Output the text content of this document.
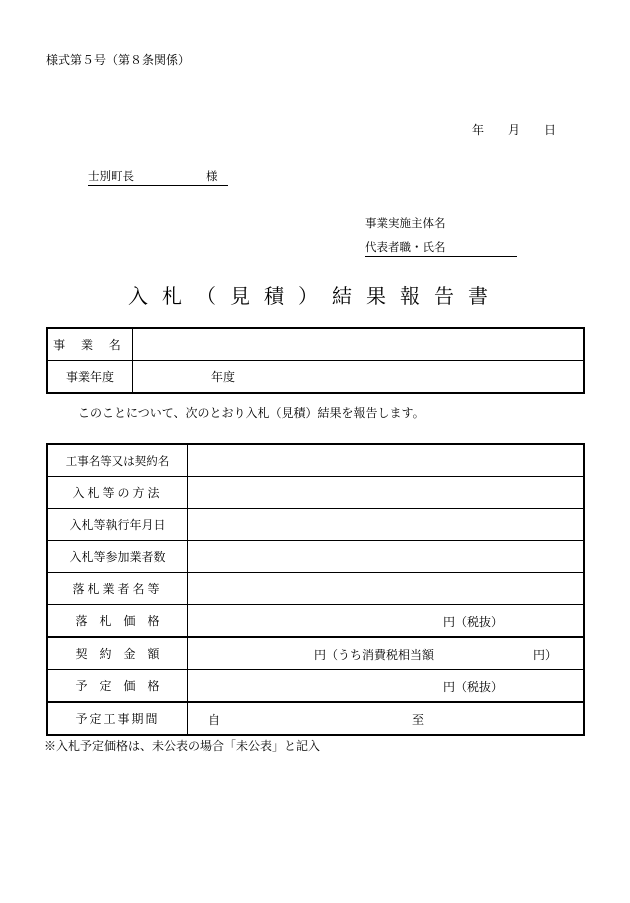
様式第５号（第８条関係）
年 月 日
士別町長	様
事業実施主体名
代表者職・氏名
入札（見積）結果報告書
事 業 名	
事業年度	年度
このことについて、次のとおり入札（見積）結果を報告します。
工事名等又は契約名	
入札等の方法	
入札等執行年月日	
入札等参加業者数	
落札業者名等	
落　札　価　格	円（税抜）

契　約　金　額	円（うち消費税相当額 円）

予　定　価　格	円（税抜）

予定工事期間	自 至
※入札予定価格は、未公表の場合「未公表」と記入
